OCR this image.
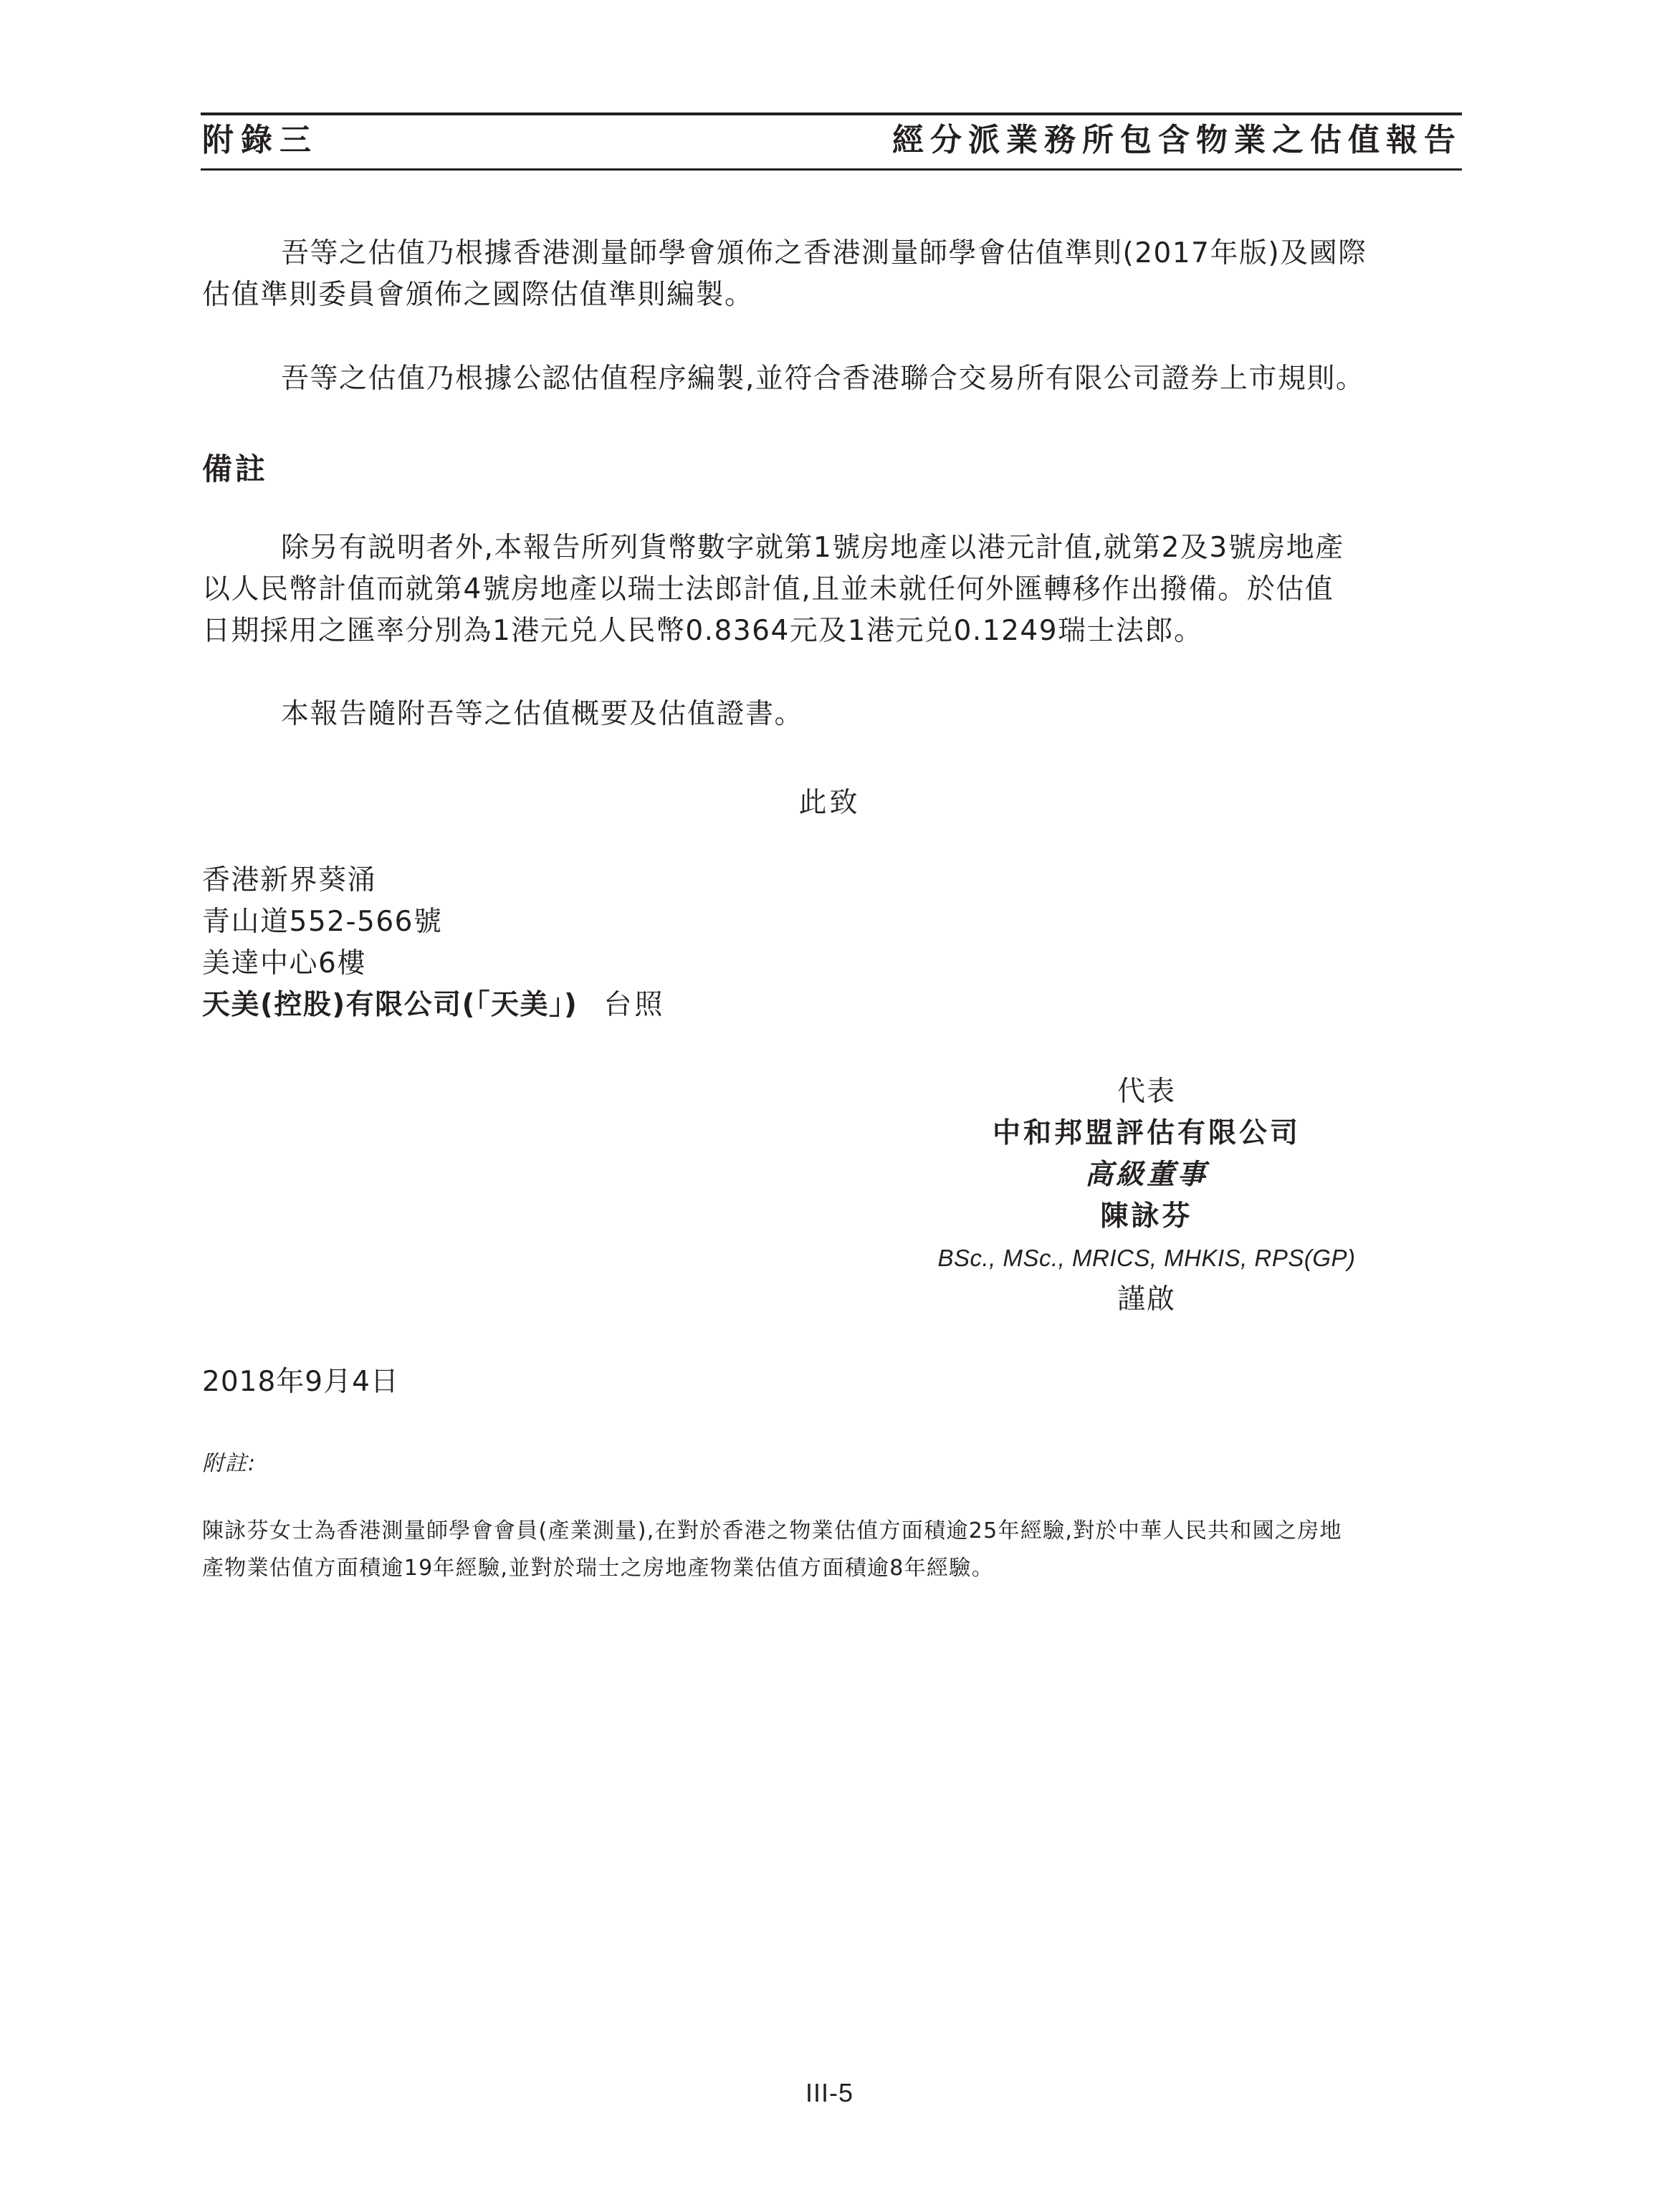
附錄三	經分派業務所包含物業之估值報告

吾等之估值乃根據香港測量師學會頒佈之香港測量師學會估值準則(2017年版)及國際
估值準則委員會頒佈之國際估值準則編製。

吾等之估值乃根據公認估值程序編製,並符合香港聯合交易所有限公司證券上市規則。

備註

除另有説明者外,本報告所列貨幣數字就第1號房地產以港元計值,就第2及3號房地產
以人民幣計值而就第4號房地產以瑞士法郎計值,且並未就任何外匯轉移作出撥備。於估值
日期採用之匯率分別為1港元兑人民幣0.8364元及1港元兑0.1249瑞士法郎。

本報告隨附吾等之估值概要及估值證書。

此致
香港新界葵涌
青山道552-566號
美達中心6樓
天美(控股)有限公司(「天美」) 台照
代表
中和邦盟評估有限公司
高級董事
陳詠芬
BSc., MSc., MRICS, MHKIS, RPS(GP)
謹啟
2018年9月4日
附註:
陳詠芬女士為香港測量師學會會員(產業測量),在對於香港之物業估值方面積逾25年經驗,對於中華人民共和國之房地
產物業估值方面積逾19年經驗,並對於瑞士之房地產物業估值方面積逾8年經驗。
III-5
